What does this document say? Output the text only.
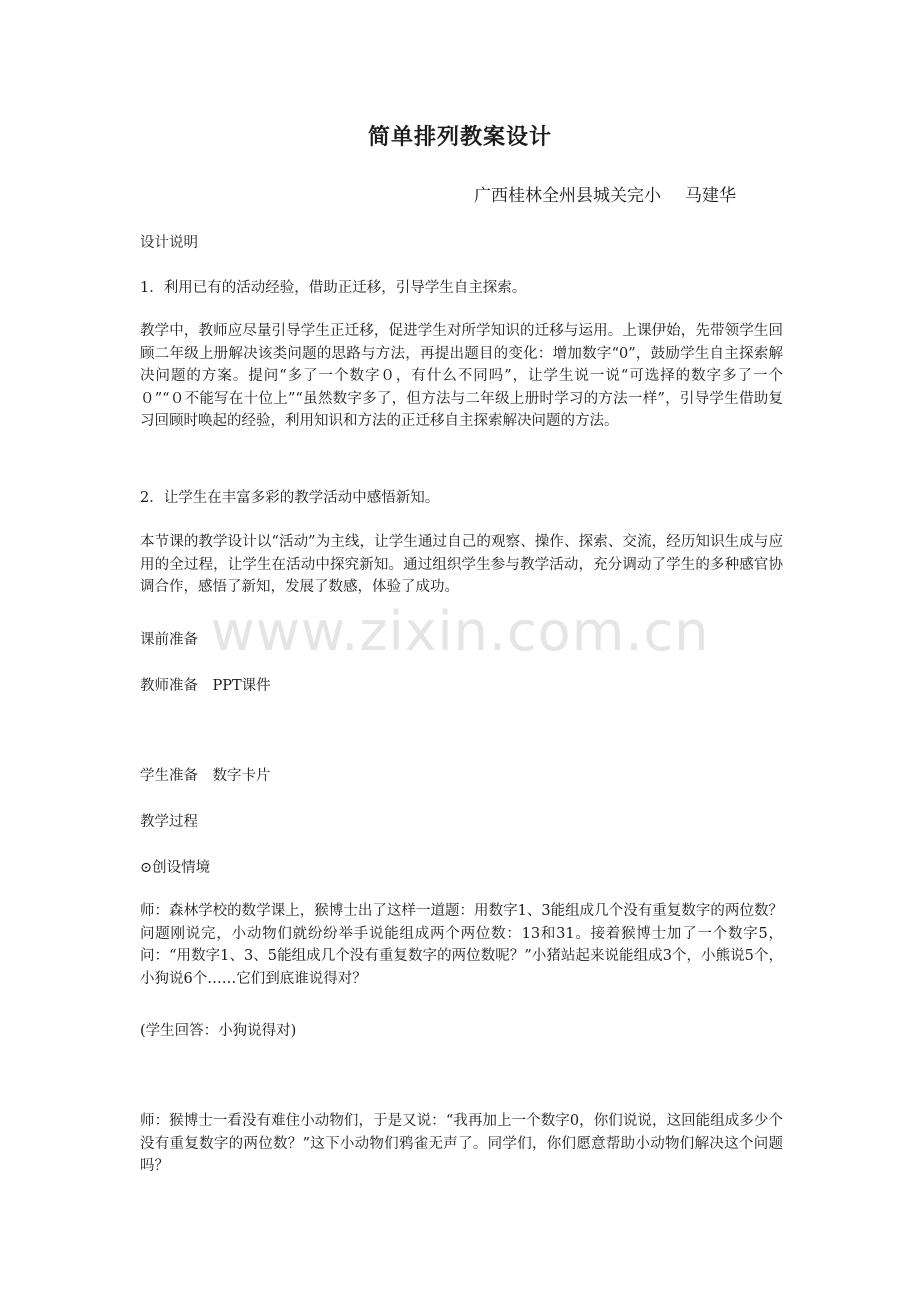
www.zixin.com.cn
简单排列教案设计
广西桂林全州县城关完小 马建华
设计说明
1．利用已有的活动经验，借助正迁移，引导学生自主探索。
教学中，教师应尽量引导学生正迁移，促进学生对所学知识的迁移与运用。上课伊始，先带领学生回顾二年级上册解决该类问题的思路与方法，再提出题目的变化：增加数字“0”，鼓励学生自主探索解决问题的方案。提问“多了一个数字０，有什么不同吗”，让学生说一说“可选择的数字多了一个０”“０不能写在十位上”“虽然数字多了，但方法与二年级上册时学习的方法一样”，引导学生借助复习回顾时唤起的经验，利用知识和方法的正迁移自主探索解决问题的方法。
2．让学生在丰富多彩的教学活动中感悟新知。
本节课的教学设计以“活动”为主线，让学生通过自己的观察、操作、探索、交流，经历知识生成与应用的全过程，让学生在活动中探究新知。通过组织学生参与教学活动，充分调动了学生的多种感官协调合作，感悟了新知，发展了数感，体验了成功。
课前准备
教师准备　PPT课件
学生准备　数字卡片
教学过程
⊙创设情境
师：森林学校的数学课上，猴博士出了这样一道题：用数字1、3能组成几个没有重复数字的两位数？问题刚说完，小动物们就纷纷举手说能组成两个两位数：13和31。接着猴博士加了一个数字5，问：“用数字1、3、5能组成几个没有重复数字的两位数呢？”小猪站起来说能组成3个，小熊说5个，小狗说6个……它们到底谁说得对？
(学生回答：小狗说得对)
师：猴博士一看没有难住小动物们，于是又说：“我再加上一个数字0，你们说说，这回能组成多少个没有重复数字的两位数？”这下小动物们鸦雀无声了。同学们，你们愿意帮助小动物们解决这个问题吗？
